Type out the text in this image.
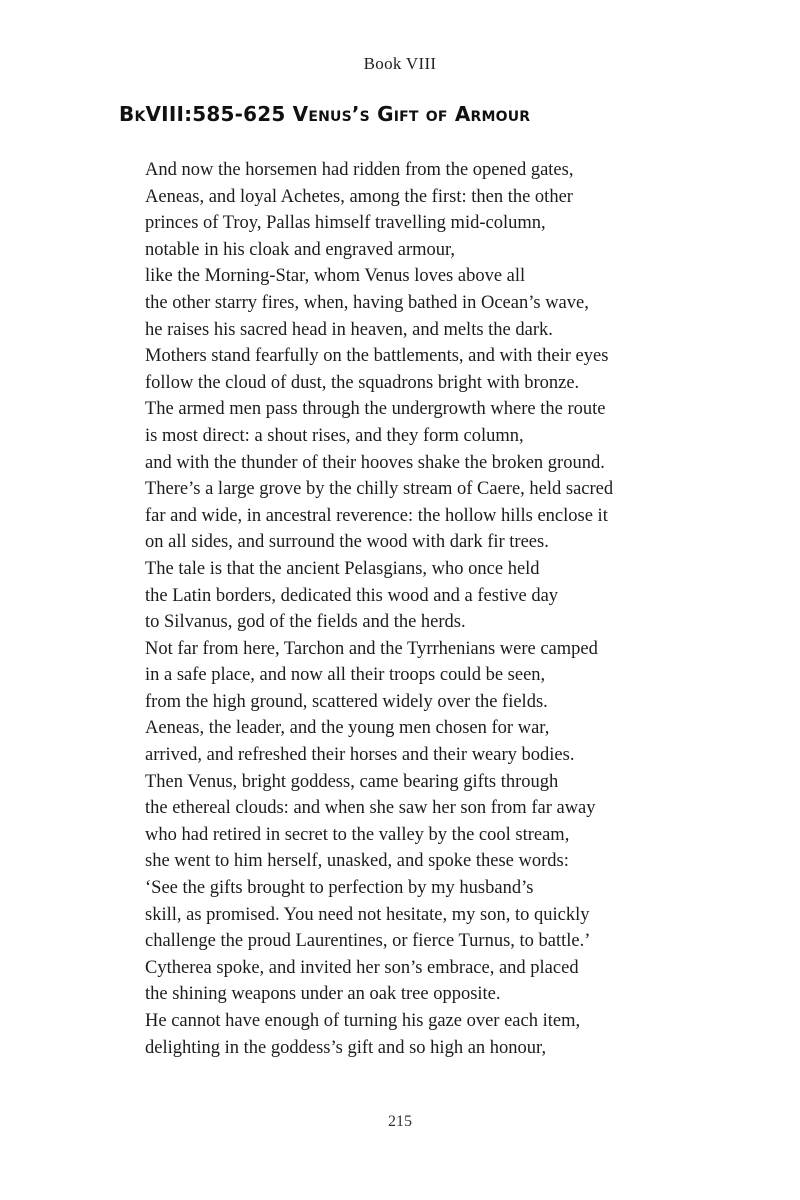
Book VIII
BkVIII:585-625 Venus’s Gift of Armour
And now the horsemen had ridden from the opened gates,
Aeneas, and loyal Achetes, among the first: then the other
princes of Troy, Pallas himself travelling mid-column,
notable in his cloak and engraved armour,
like the Morning-Star, whom Venus loves above all
the other starry fires, when, having bathed in Ocean’s wave,
he raises his sacred head in heaven, and melts the dark.
Mothers stand fearfully on the battlements, and with their eyes
follow the cloud of dust, the squadrons bright with bronze.
The armed men pass through the undergrowth where the route
is most direct: a shout rises, and they form column,
and with the thunder of their hooves shake the broken ground.
There’s a large grove by the chilly stream of Caere, held sacred
far and wide, in ancestral reverence: the hollow hills enclose it
on all sides, and surround the wood with dark fir trees.
The tale is that the ancient Pelasgians, who once held
the Latin borders, dedicated this wood and a festive day
to Silvanus, god of the fields and the herds.
Not far from here, Tarchon and the Tyrrhenians were camped
in a safe place, and now all their troops could be seen,
from the high ground, scattered widely over the fields.
Aeneas, the leader, and the young men chosen for war,
arrived, and refreshed their horses and their weary bodies.
Then Venus, bright goddess, came bearing gifts through
the ethereal clouds: and when she saw her son from far away
who had retired in secret to the valley by the cool stream,
she went to him herself, unasked, and spoke these words:
‘See the gifts brought to perfection by my husband’s
skill, as promised. You need not hesitate, my son, to quickly
challenge the proud Laurentines, or fierce Turnus, to battle.’
Cytherea spoke, and invited her son’s embrace, and placed
the shining weapons under an oak tree opposite.
He cannot have enough of turning his gaze over each item,
delighting in the goddess’s gift and so high an honour,
215
